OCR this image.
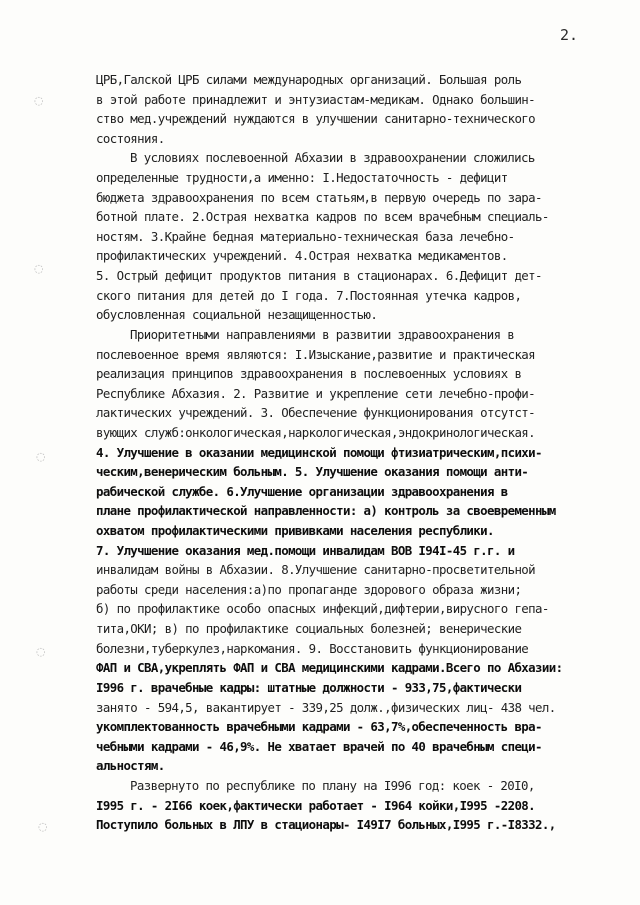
2.
◌
◌
◌
◌
◌
ЦРБ,Галской ЦРБ силами международных организаций. Большая роль
в этой работе принадлежит и энтузиастам-медикам. Однако большин-
ство мед.учреждений нуждаются в улучшении санитарно-технического
состояния.
В условиях послевоенной Абхазии в здравоохранении сложились
определенные трудности,а именно: I.Недостаточность - дефицит
бюджета здравоохранения по всем статьям,в первую очередь по зара-
ботной плате. 2.Острая нехватка кадров по всем врачебным специаль-
ностям. 3.Крайне бедная материально-техническая база лечебно-
профилактических учреждений. 4.Острая нехватка медикаментов.
5. Острый дефицит продуктов питания в стационарах. 6.Дефицит дет-
ского питания для детей до I года. 7.Постоянная утечка кадров,
обусловленная социальной незащищенностью.
Приоритетными направлениями в развитии здравоохранения в
послевоенное время являются: I.Изыскание,развитие и практическая
реализация принципов здравоохранения в послевоенных условиях в
Республике Абхазия. 2. Развитие и укрепление сети лечебно-профи-
лактических учреждений. 3. Обеспечение функционирования отсутст-
вующих служб:онкологическая,наркологическая,эндокринологическая.
4. Улучшение в оказании медицинской помощи фтизиатрическим,психи-
ческим,венерическим больным. 5. Улучшение оказания помощи анти-
рабической службе. 6.Улучшение организации здравоохранения в
плане профилактической направленности: а) контроль за своевременным
охватом профилактическими прививками населения республики.
7. Улучшение оказания мед.помощи инвалидам ВОВ I94I-45 г.г. и
инвалидам войны в Абхазии. 8.Улучшение санитарно-просветительной
работы среди населения:а)по пропаганде здорового образа жизни;
б) по профилактике особо опасных инфекций,дифтерии,вирусного гепа-
тита,ОКИ; в) по профилактике социальных болезней; венерические
болезни,туберкулез,наркомания. 9. Восстановить функционирование
ФАП и СВА,укреплять ФАП и СВА медицинскими кадрами.Всего по Абхазии:
I996 г. врачебные кадры: штатные должности - 933,75,фактически
занято - 594,5, вакантирует - 339,25 долж.,физических лиц- 438 чел.
укомплектованность врачебными кадрами - 63,7%,обеспеченность вра-
чебными кадрами - 46,9%. Не хватает врачей по 40 врачебным специ-
альностям.
Развернуто по республике по плану на I996 год: коек - 20I0,
I995 г. - 2I66 коек,фактически работает - I964 койки,I995 -2208.
Поступило больных в ЛПУ в стационары- I49I7 больных,I995 г.-I8332.,
